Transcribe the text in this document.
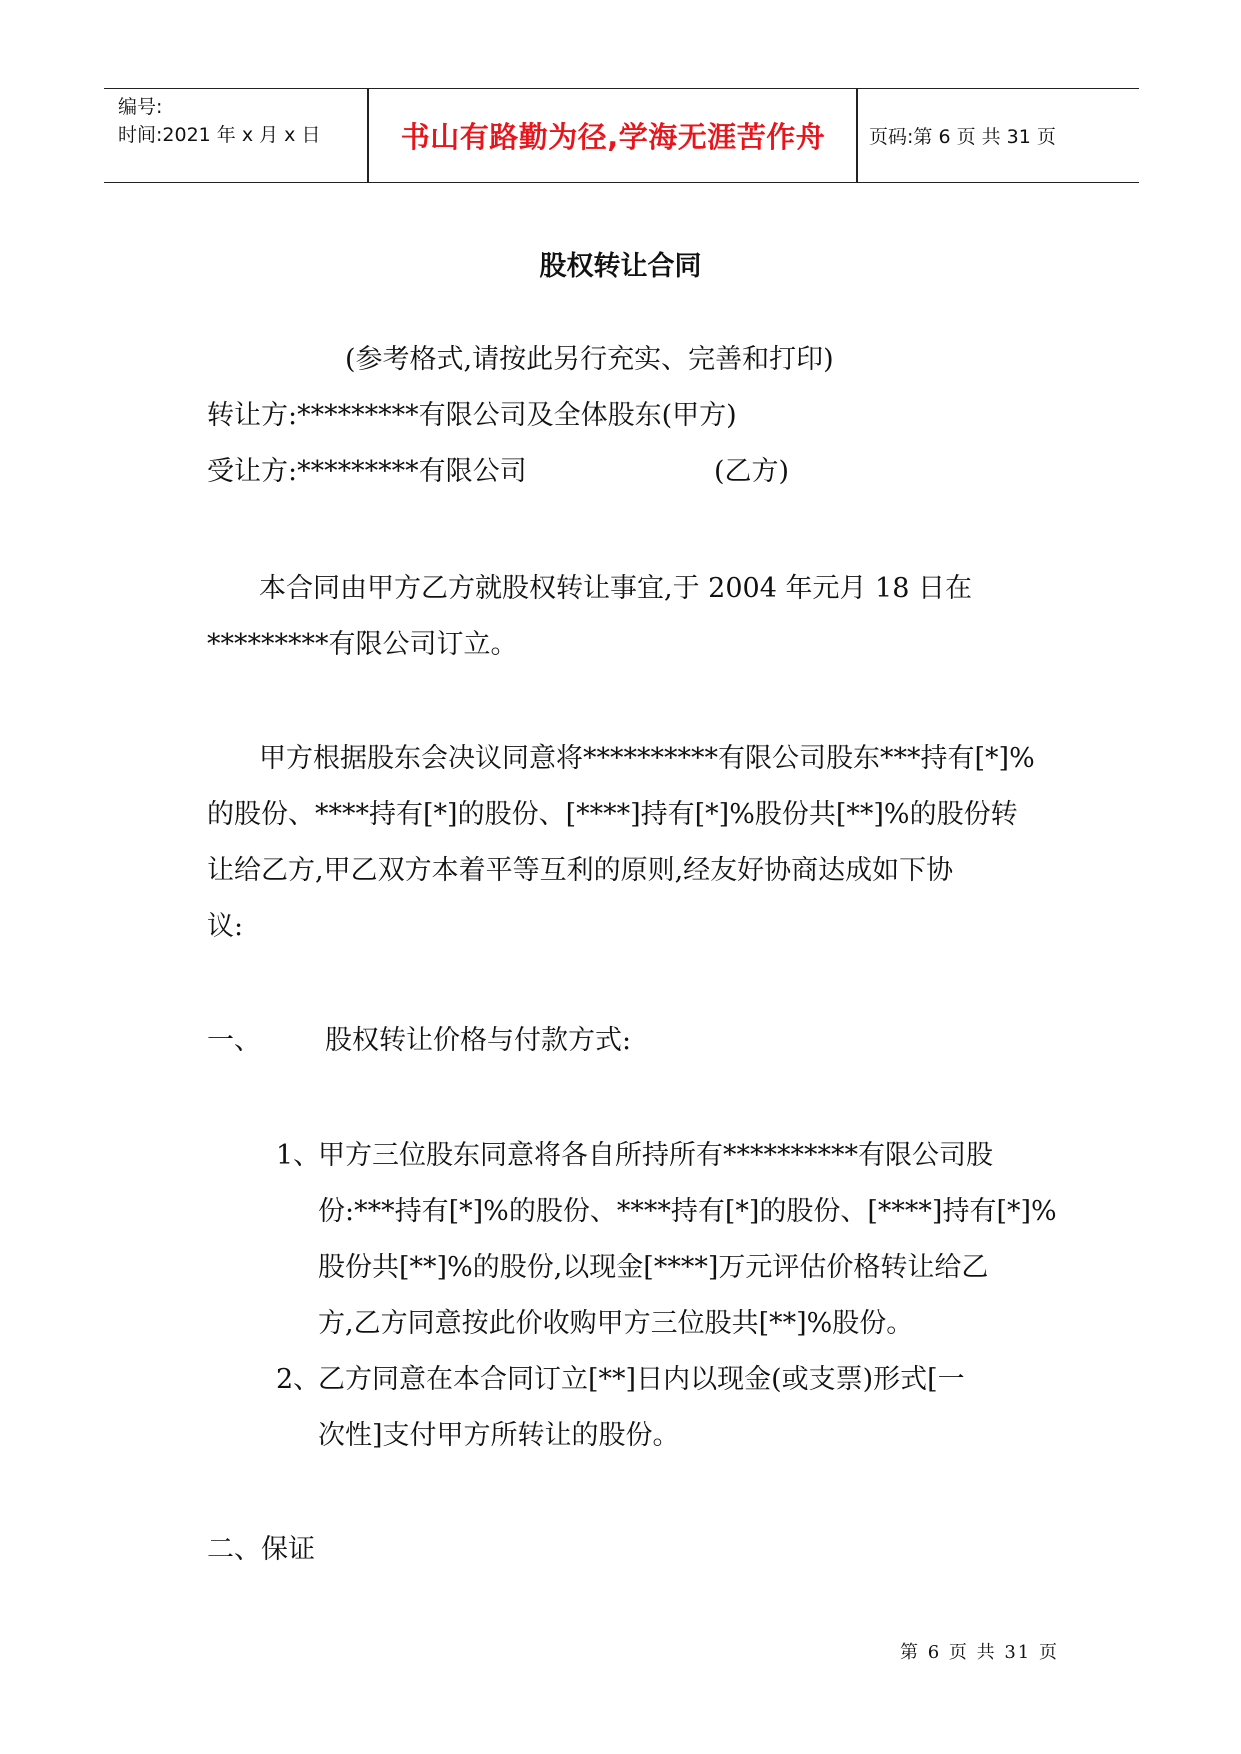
编号:
时间:2021 年 x 月 x 日	书山有路勤为径,学海无涯苦作舟	页码:第 6 页 共 31 页
股权转让合同
(参考格式,请按此另行充实、完善和打印)
转让方:*********有限公司及全体股东(甲方)
受让方:*********有限公司	(乙方)
本合同由甲方乙方就股权转让事宜,于 2004 年元月 18 日在
*********有限公司订立。
甲方根据股东会决议同意将**********有限公司股东***持有[*]%
的股份、****持有[*]的股份、[****]持有[*]%股份共[**]%的股份转
让给乙方,甲乙双方本着平等互利的原则,经友好协商达成如下协
议:
一、 股权转让价格与付款方式:
1、
甲方三位股东同意将各自所持所有**********有限公司股
份:***持有[*]%的股份、****持有[*]的股份、[****]持有[*]%
股份共[**]%的股份,以现金[****]万元评估价格转让给乙
方,乙方同意按此价收购甲方三位股共[**]%股份。
2、
乙方同意在本合同订立[**]日内以现金(或支票)形式[一
次性]支付甲方所转让的股份。
二、保证
第 6 页 共 31 页
